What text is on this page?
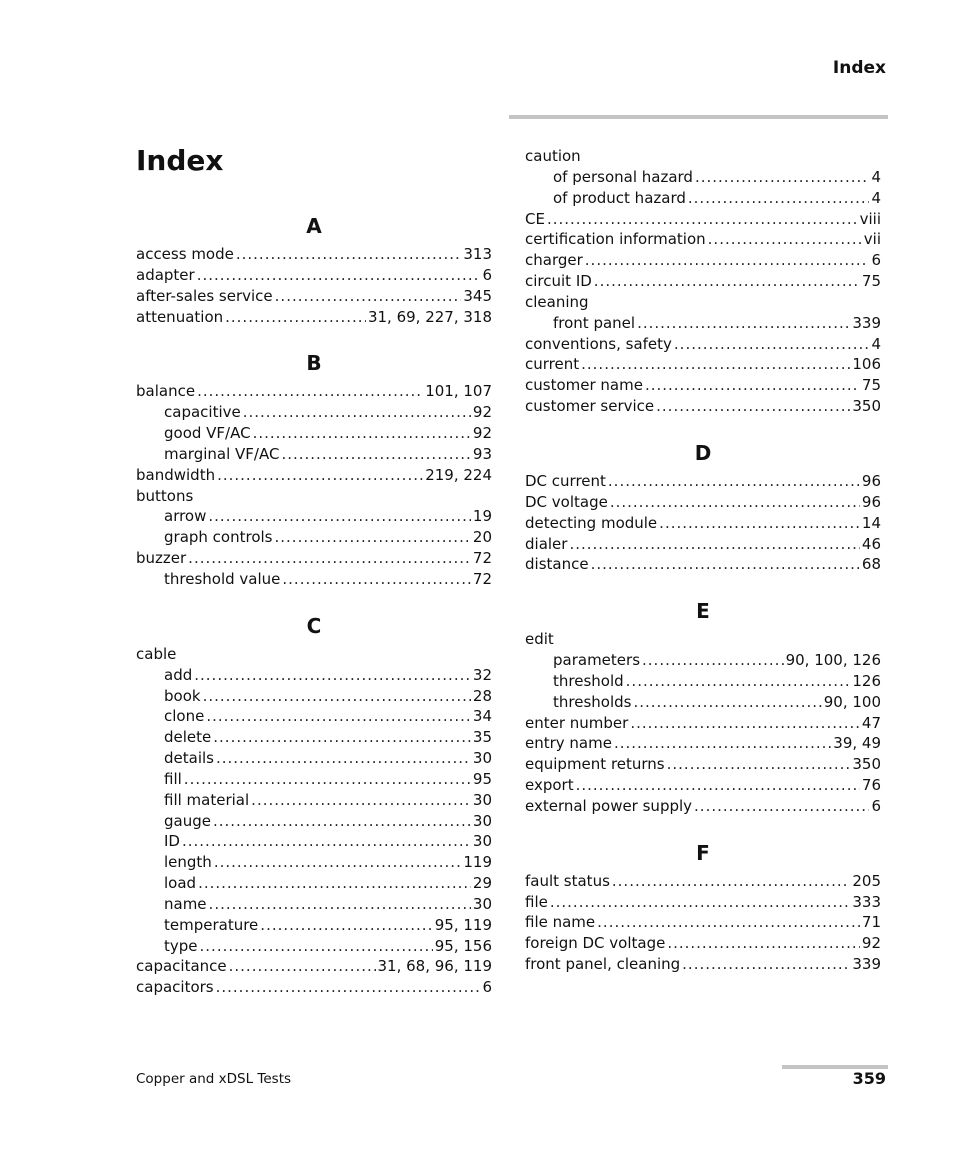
Index
Index
A
access mode .....	313
adapter .....	6
after-sales service .....	345
attenuation .....	31, 69, 227, 318
B
balance .....	101, 107
capacitive .....	92
good VF/AC .....	92
marginal VF/AC .....	93
bandwidth .....	219, 224
buttons
arrow .....	19
graph controls .....	20
buzzer .....	72
threshold value .....	72
C
cable
add .....	32
book .....	28
clone .....	34
delete .....	35
details .....	30
fill .....	95
fill material .....	30
gauge .....	30
ID .....	30
length .....	119
load .....	29
name .....	30
temperature .....	95, 119
type .....	95, 156
capacitance .....	31, 68, 96, 119
capacitors .....	6
caution
of personal hazard .....	4
of product hazard .....	4
CE .....	viii
certification information .....	vii
charger .....	6
circuit ID .....	75
cleaning
front panel .....	339
conventions, safety .....	4
current .....	106
customer name .....	75
customer service .....	350
D
DC current .....	96
DC voltage .....	96
detecting module .....	14
dialer .....	46
distance .....	68
E
edit
parameters .....	90, 100, 126
threshold .....	126
thresholds .....	90, 100
enter number .....	47
entry name .....	39, 49
equipment returns .....	350
export .....	76
external power supply .....	6
F
fault status .....	205
file .....	333
file name .....	71
foreign DC voltage .....	92
front panel, cleaning .....	339
Copper and xDSL Tests	359
